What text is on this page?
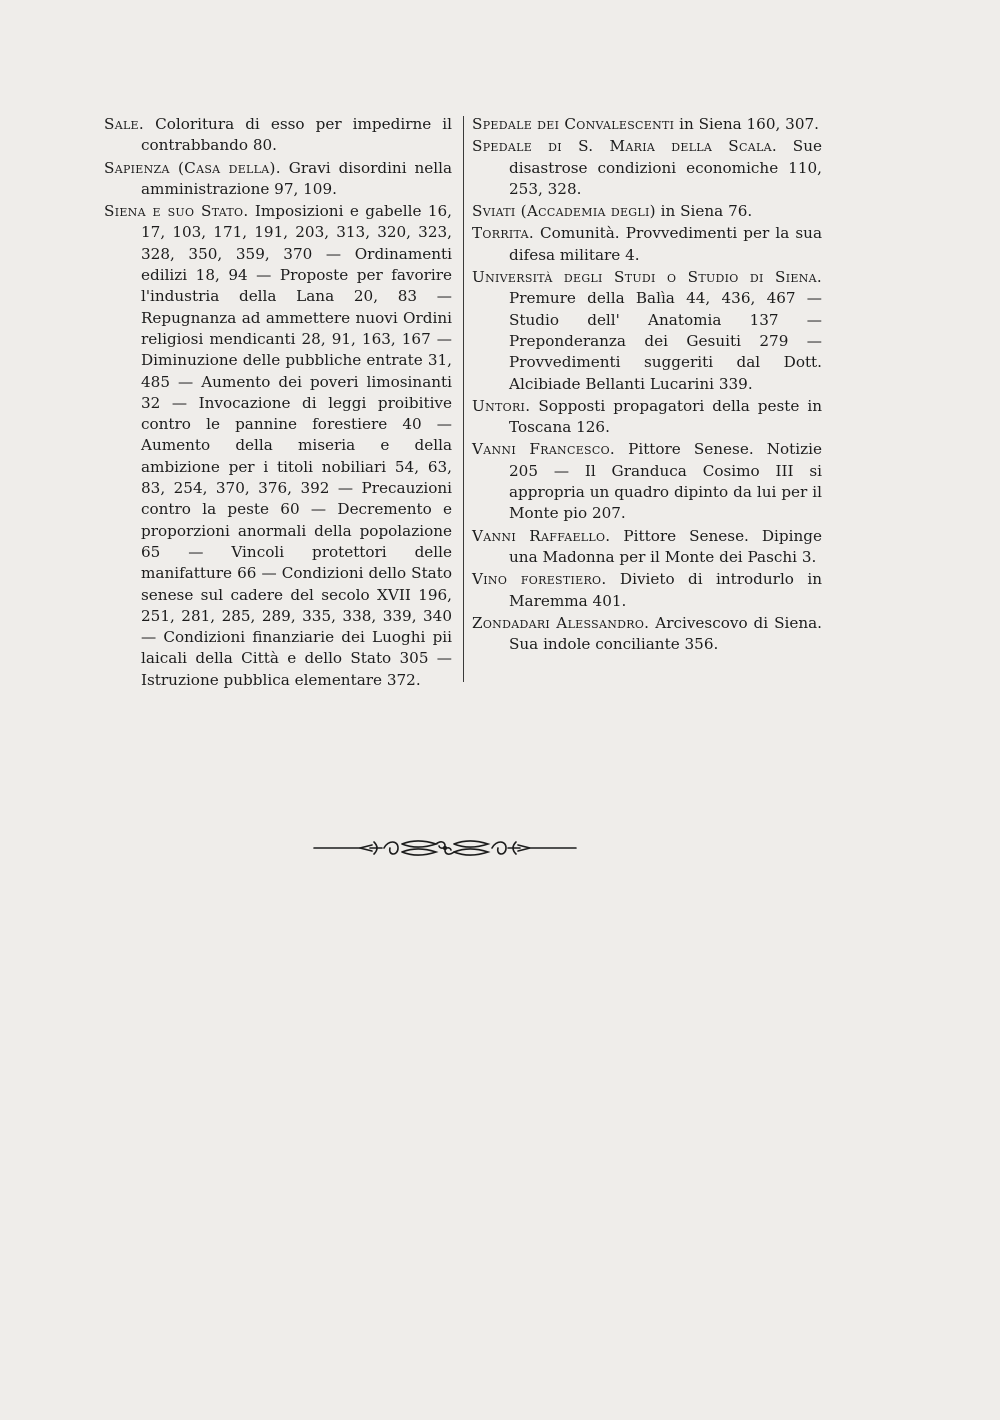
Sale. Coloritura di esso per impedirne il contrabbando 80.

Sapienza (Casa della). Gravi disordini nella amministrazione 97, 109.

Siena e suo Stato. Imposizioni e gabelle 16, 17, 103, 171, 191, 203, 313, 320, 323, 328, 350, 359, 370 — Ordinamenti edilizi 18, 94 — Proposte per favorire l'industria della Lana 20, 83 — Repugnanza ad ammettere nuovi Ordini religiosi mendicanti 28, 91, 163, 167 — Diminuzione delle pubbliche entrate 31, 485 — Aumento dei poveri limosinanti 32 — Invocazione di leggi proibitive contro le pannine forestiere 40 — Aumento della miseria e della ambizione per i titoli nobiliari 54, 63, 83, 254, 370, 376, 392 — Precauzioni contro la peste 60 — Decremento e proporzioni anormali della popolazione 65 — Vincoli protettori delle manifatture 66 — Condizioni dello Stato senese sul cadere del secolo XVII 196, 251, 281, 285, 289, 335, 338, 339, 340 — Condizioni finanziarie dei Luoghi pii laicali della Città e dello Stato 305 — Istruzione pubblica elementare 372.

Spedale dei Convalescenti in Siena 160, 307.

Spedale di S. Maria della Scala. Sue disastrose condizioni economiche 110, 253, 328.

Sviati (Accademia degli) in Siena 76.

Torrita. Comunità. Provvedimenti per la sua difesa militare 4.

Università degli Studi o Studio di Siena. Premure della Balìa 44, 436, 467 — Studio dell' Anatomia 137 — Preponderanza dei Gesuiti 279 — Provvedimenti suggeriti dal Dott. Alcibiade Bellanti Lucarini 339.

Untori. Sopposti propagatori della peste in Toscana 126.

Vanni Francesco. Pittore Senese. Notizie 205 — Il Granduca Cosimo III si appropria un quadro dipinto da lui per il Monte pio 207.

Vanni Raffaello. Pittore Senese. Dipinge una Madonna per il Monte dei Paschi 3.

Vino forestiero. Divieto di introdurlo in Maremma 401.

Zondadari Alessandro. Arcivescovo di Siena. Sua indole conciliante 356.
